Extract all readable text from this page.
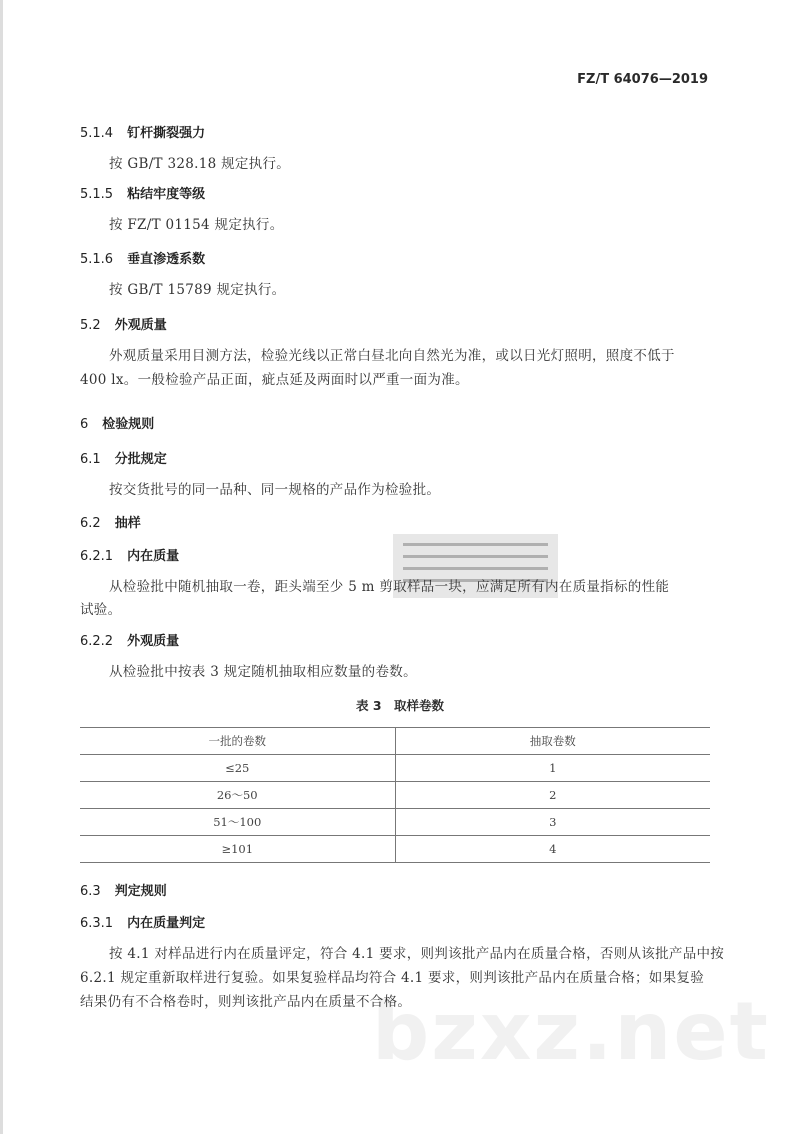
FZ/T 64076—2019
5.1.4 钉杆撕裂强力
按 GB/T 328.18 规定执行。
5.1.5 粘结牢度等级
按 FZ/T 01154 规定执行。
5.1.6 垂直渗透系数
按 GB/T 15789 规定执行。
5.2 外观质量
外观质量采用目测方法，检验光线以正常白昼北向自然光为准，或以日光灯照明，照度不低于
400 lx。一般检验产品正面，疵点延及两面时以严重一面为准。
6 检验规则
6.1 分批规定
按交货批号的同一品种、同一规格的产品作为检验批。
6.2 抽样
6.2.1 内在质量
从检验批中随机抽取一卷，距头端至少 5 m 剪取样品一块，应满足所有内在质量指标的性能
试验。
6.2.2 外观质量
从检验批中按表 3 规定随机抽取相应数量的卷数。
表 3　取样卷数
一批的卷数	抽取卷数
≤25	1
26～50	2
51～100	3
≥101	4
bzxz.net
6.3 判定规则
6.3.1 内在质量判定
按 4.1 对样品进行内在质量评定，符合 4.1 要求，则判该批产品内在质量合格，否则从该批产品中按
6.2.1 规定重新取样进行复验。如果复验样品均符合 4.1 要求，则判该批产品内在质量合格；如果复验
结果仍有不合格卷时，则判该批产品内在质量不合格。
